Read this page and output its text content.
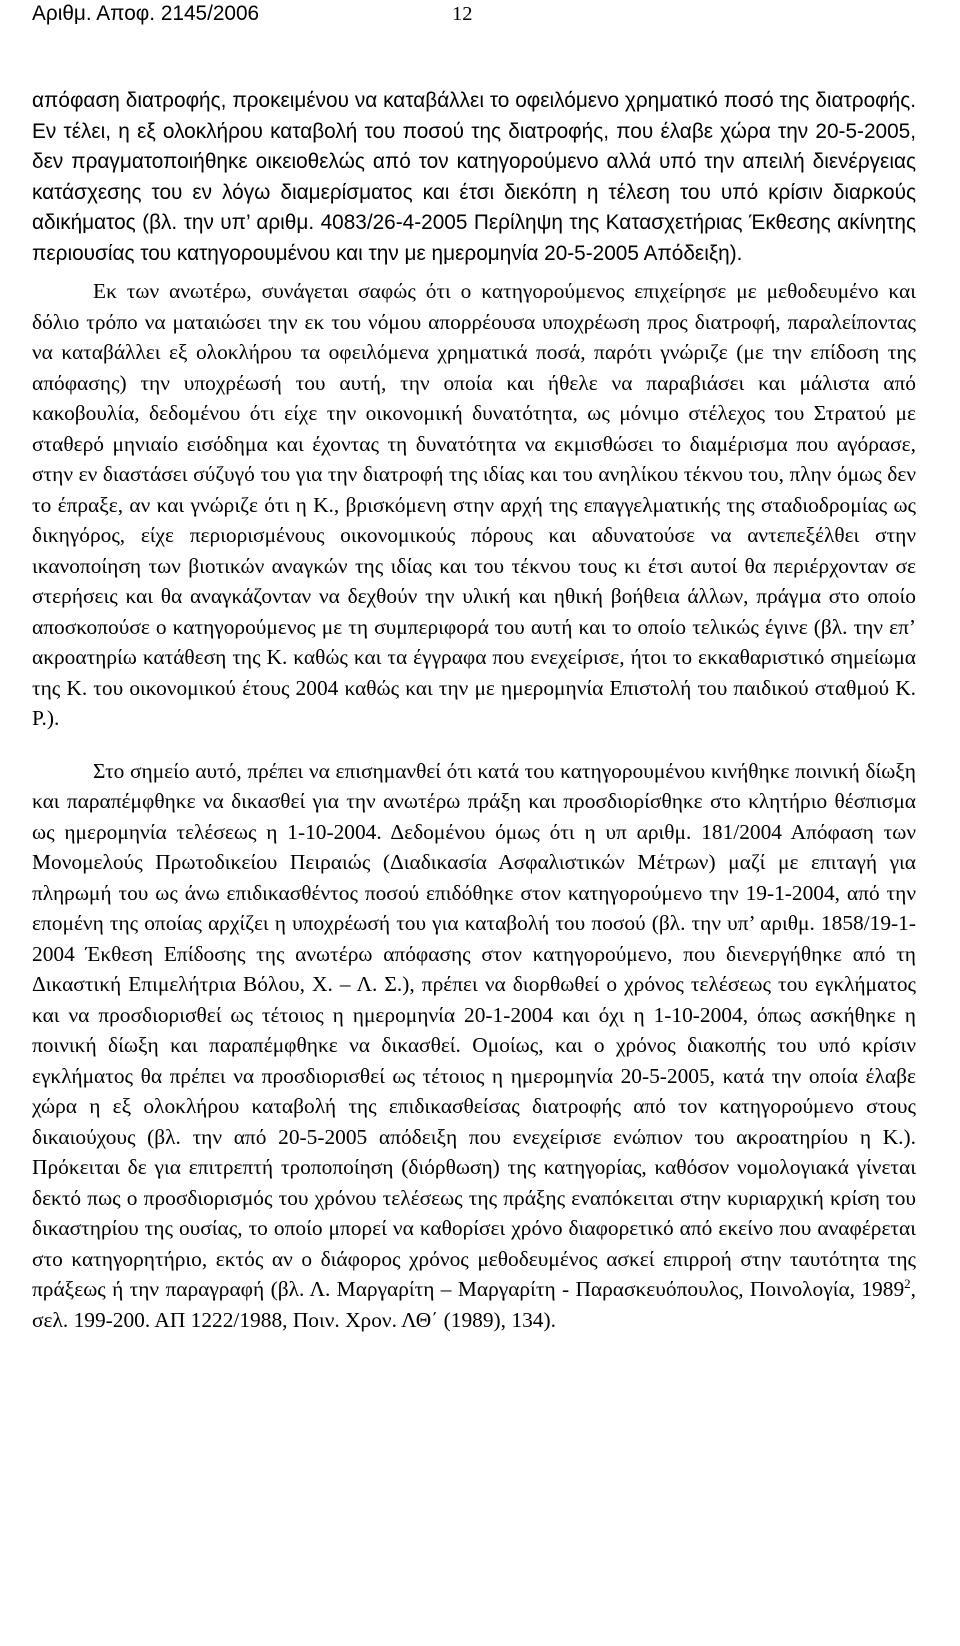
Αριθμ. Αποφ. 2145/2006	12

απόφαση διατροφής, προκειμένου να καταβάλλει το οφειλόμενο χρηματικό ποσό της διατροφής. Εν τέλει, η εξ ολοκλήρου καταβολή του ποσού της διατροφής, που έλαβε χώρα την 20-5-2005, δεν πραγματοποιήθηκε οικειοθελώς από τον κατηγορούμενο αλλά υπό την απειλή διενέργειας κατάσχεσης του εν λόγω διαμερίσματος και έτσι διεκόπη η τέλεση του υπό κρίσιν διαρκούς αδικήματος (βλ. την υπ’ αριθμ. 4083/26-4-2005 Περίληψη της Κατασχετήριας Έκθεσης ακίνητης περιουσίας του κατηγορουμένου και την με ημερομηνία 20-5-2005 Απόδειξη).

Εκ των ανωτέρω, συνάγεται σαφώς ότι ο κατηγορούμενος επιχείρησε με μεθοδευμένο και δόλιο τρόπο να ματαιώσει την εκ του νόμου απορρέουσα υποχρέωση προς διατροφή, παραλείποντας να καταβάλλει εξ ολοκλήρου τα οφειλόμενα χρηματικά ποσά, παρότι γνώριζε (με την επίδοση της απόφασης) την υποχρέωσή του αυτή, την οποία και ήθελε να παραβιάσει και μάλιστα από κακοβουλία, δεδομένου ότι είχε την οικονομική δυνατότητα, ως μόνιμο στέλεχος του Στρατού με σταθερό μηνιαίο εισόδημα και έχοντας τη δυνατότητα να εκμισθώσει το διαμέρισμα που αγόρασε, στην εν διαστάσει σύζυγό του για την διατροφή της ιδίας και του ανηλίκου τέκνου του, πλην όμως δεν το έπραξε, αν και γνώριζε ότι η Κ., βρισκόμενη στην αρχή της επαγγελματικής της σταδιοδρομίας ως δικηγόρος, είχε περιορισμένους οικονομικούς πόρους και αδυνατούσε να αντεπεξέλθει στην ικανοποίηση των βιοτικών αναγκών της ιδίας και του τέκνου τους κι έτσι αυτοί θα περιέρχονταν σε στερήσεις και θα αναγκάζονταν να δεχθούν την υλική και ηθική βοήθεια άλλων, πράγμα στο οποίο αποσκοπούσε ο κατηγορούμενος με τη συμπεριφορά του αυτή και το οποίο τελικώς έγινε (βλ. την επ’ ακροατηρίω κατάθεση της Κ. καθώς και τα έγγραφα που ενεχείρισε, ήτοι το εκκαθαριστικό σημείωμα της Κ. του οικονομικού έτους 2004 καθώς και την με ημερομηνία Επιστολή του παιδικού σταθμού Κ. Ρ.).

Στο σημείο αυτό, πρέπει να επισημανθεί ότι κατά του κατηγορουμένου κινήθηκε ποινική δίωξη και παραπέμφθηκε να δικασθεί για την ανωτέρω πράξη και προσδιορίσθηκε στο κλητήριο θέσπισμα ως ημερομηνία τελέσεως η 1-10-2004. Δεδομένου όμως ότι η υπ αριθμ. 181/2004 Απόφαση των Μονομελούς Πρωτοδικείου Πειραιώς (Διαδικασία Ασφαλιστικών Μέτρων) μαζί με επιταγή για πληρωμή του ως άνω επιδικασθέντος ποσού επιδόθηκε στον κατηγορούμενο την 19-1-2004, από την επομένη της οποίας αρχίζει η υποχρέωσή του για καταβολή του ποσού (βλ. την υπ’ αριθμ. 1858/19-1-2004 Έκθεση Επίδοσης της ανωτέρω απόφασης στον κατηγορούμενο, που διενεργήθηκε από τη Δικαστική Επιμελήτρια Βόλου, Χ. – Λ. Σ.), πρέπει να διορθωθεί ο χρόνος τελέσεως του εγκλήματος και να προσδιορισθεί ως τέτοιος η ημερομηνία 20-1-2004 και όχι η 1-10-2004, όπως ασκήθηκε η ποινική δίωξη και παραπέμφθηκε να δικασθεί. Ομοίως, και ο χρόνος διακοπής του υπό κρίσιν εγκλήματος θα πρέπει να προσδιορισθεί ως τέτοιος η ημερομηνία 20-5-2005, κατά την οποία έλαβε χώρα η εξ ολοκλήρου καταβολή της επιδικασθείσας διατροφής από τον κατηγορούμενο στους δικαιούχους (βλ. την από 20-5-2005 απόδειξη που ενεχείρισε ενώπιον του ακροατηρίου η Κ.). Πρόκειται δε για επιτρεπτή τροποποίηση (διόρθωση) της κατηγορίας, καθόσον νομολογιακά γίνεται δεκτό πως ο προσδιορισμός του χρόνου τελέσεως της πράξης εναπόκειται στην κυριαρχική κρίση του δικαστηρίου της ουσίας, το οποίο μπορεί να καθορίσει χρόνο διαφορετικό από εκείνο που αναφέρεται στο κατηγορητήριο, εκτός αν ο διάφορος χρόνος μεθοδευμένος ασκεί επιρροή στην ταυτότητα της πράξεως ή την παραγραφή (βλ. Λ. Μαργαρίτη – Μαργαρίτη - Παρασκευόπουλος, Ποινολογία, 1989$^2$, σελ. 199-200. ΑΠ 1222/1988, Ποιν. Χρον. ΛΘ΄ (1989), 134).
